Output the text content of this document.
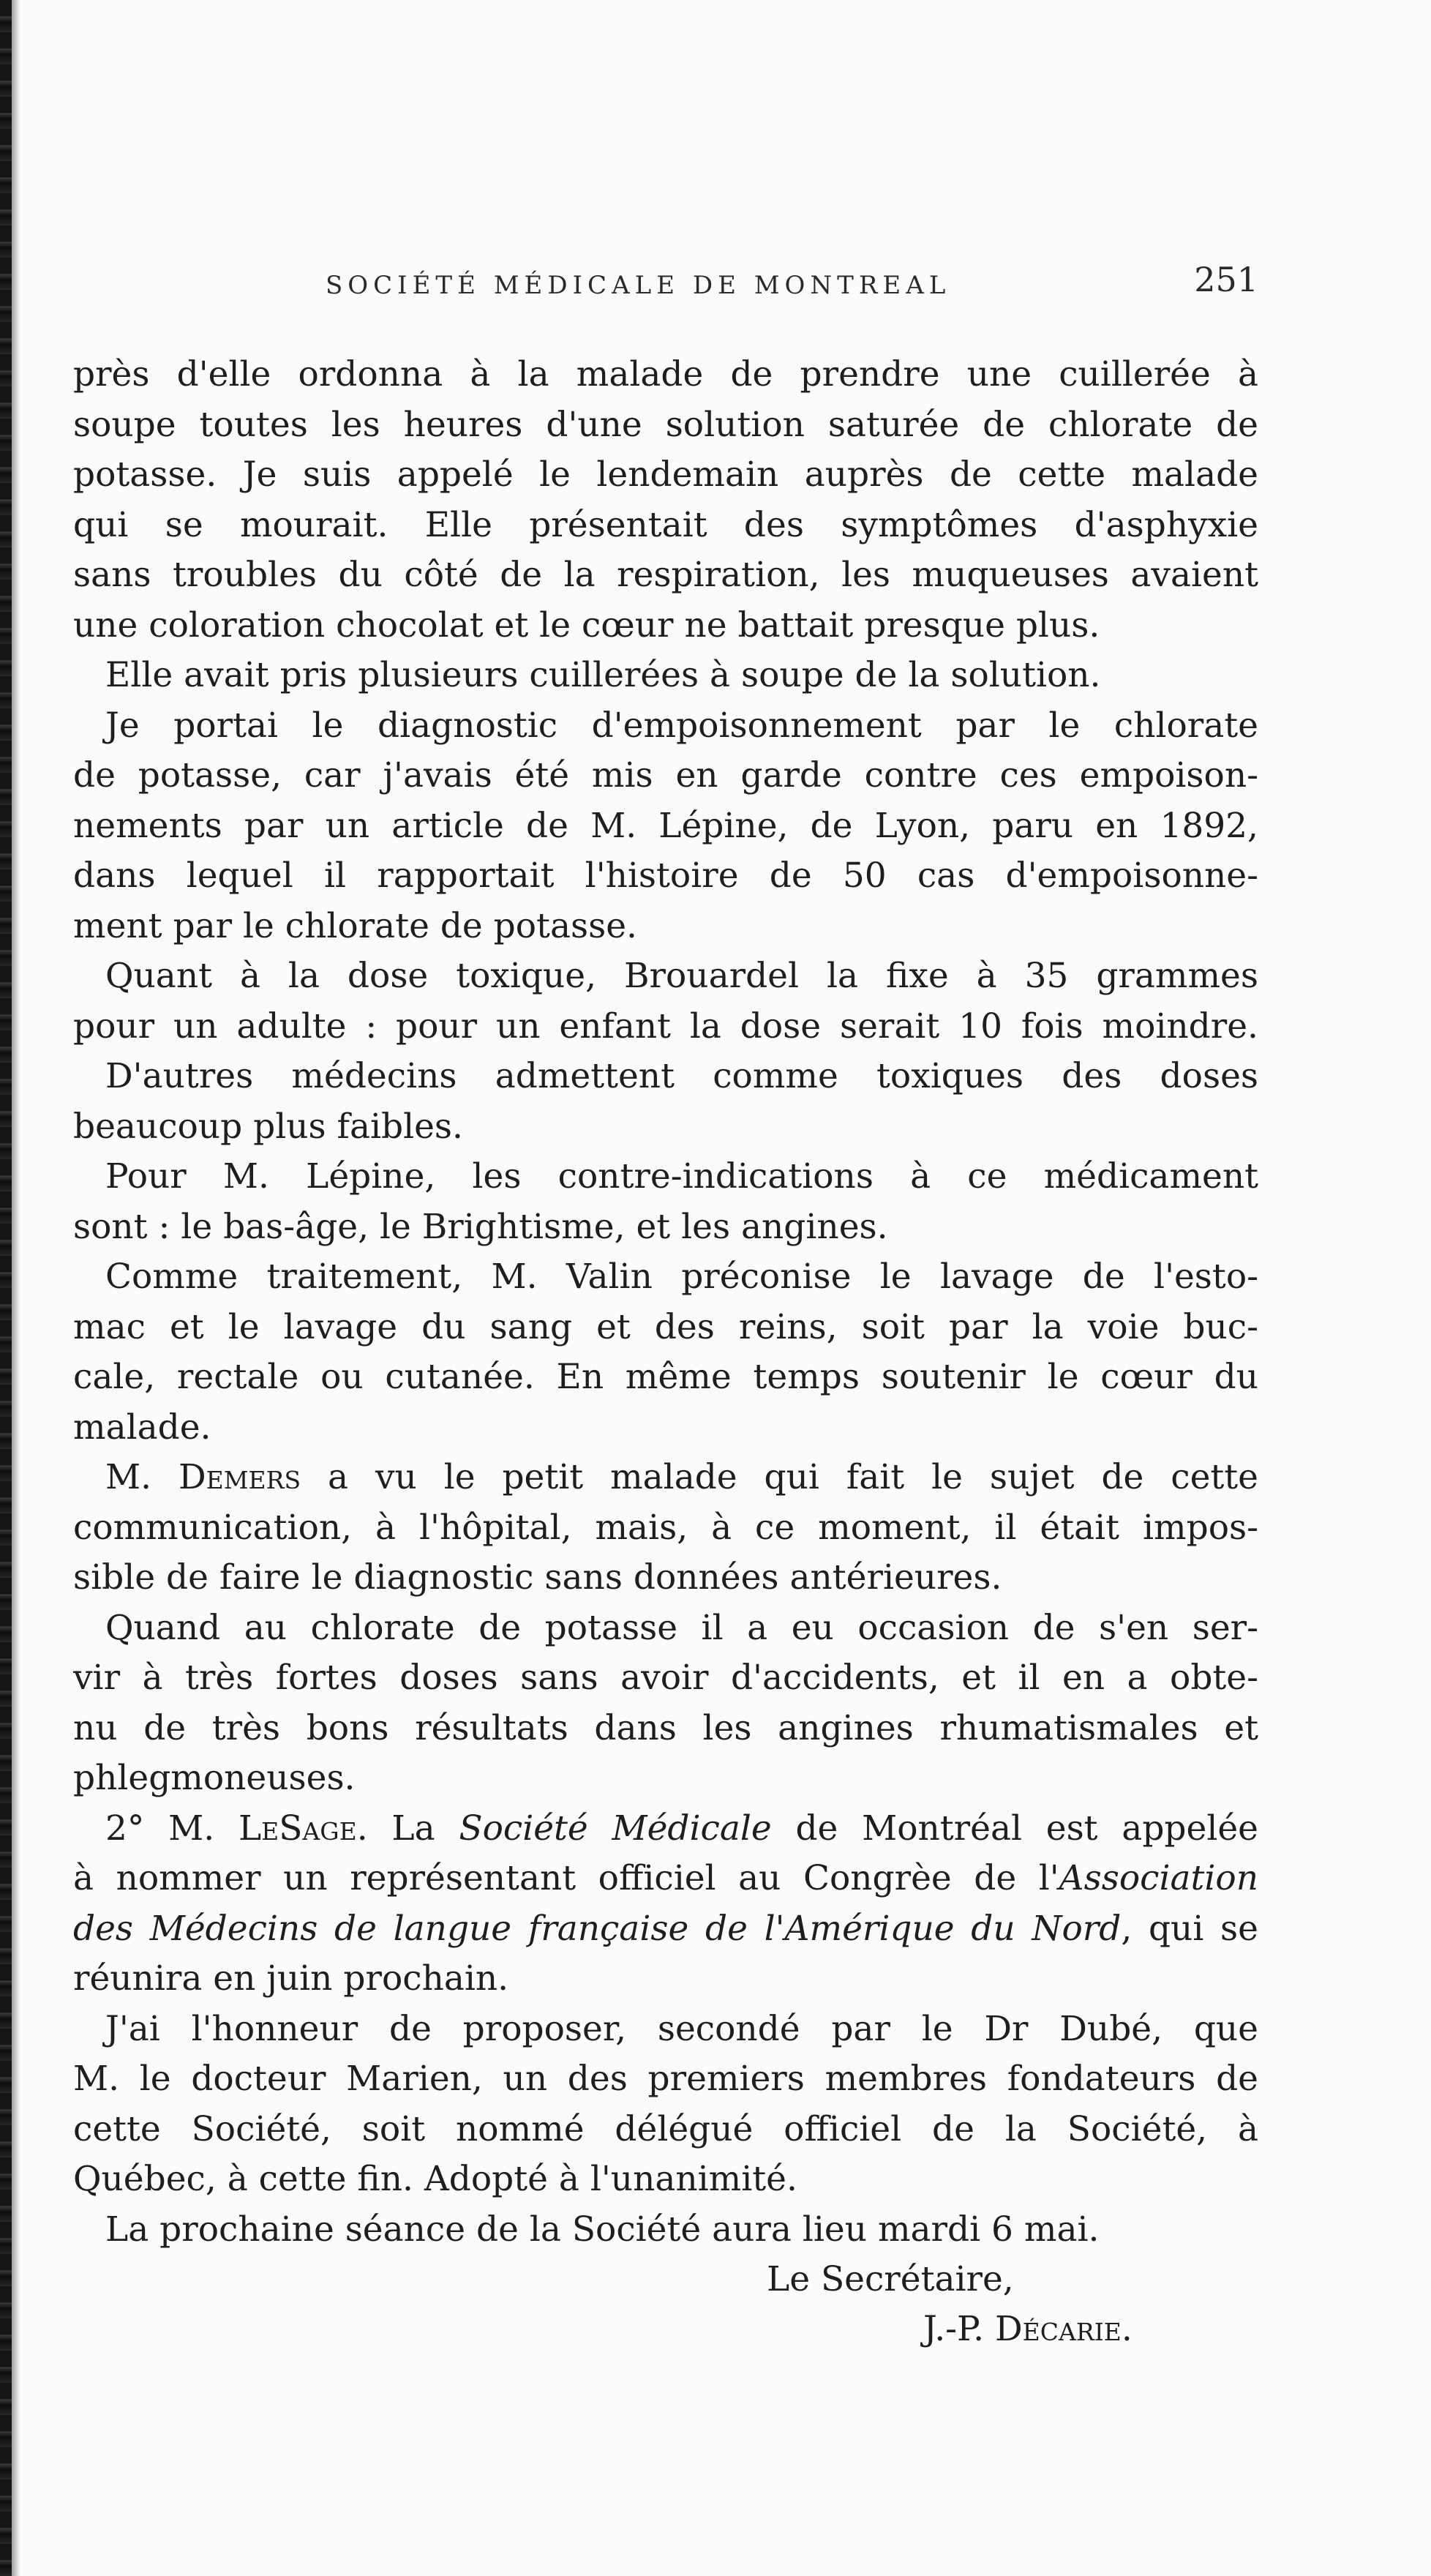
SOCIÉTÉ MÉDICALE DE MONTREAL	251
près d'elle ordonna à la malade de prendre une cuillerée à
soupe toutes les heures d'une solution saturée de chlorate de
potasse. Je suis appelé le lendemain auprès de cette malade
qui se mourait. Elle présentait des symptômes d'asphyxie
sans troubles du côté de la respiration, les muqueuses avaient
une coloration chocolat et le cœur ne battait presque plus.
Elle avait pris plusieurs cuillerées à soupe de la solution.
Je portai le diagnostic d'empoisonnement par le chlorate
de potasse, car j'avais été mis en garde contre ces empoison-
nements par un article de M. Lépine, de Lyon, paru en 1892,
dans lequel il rapportait l'histoire de 50 cas d'empoisonne-
ment par le chlorate de potasse.
Quant à la dose toxique, Brouardel la fixe à 35 grammes
pour un adulte : pour un enfant la dose serait 10 fois moindre.
D'autres médecins admettent comme toxiques des doses
beaucoup plus faibles.
Pour M. Lépine, les contre-indications à ce médicament
sont : le bas-âge, le Brightisme, et les angines.
Comme traitement, M. Valin préconise le lavage de l'esto-
mac et le lavage du sang et des reins, soit par la voie buc-
cale, rectale ou cutanée. En même temps soutenir le cœur du
malade.
M. Demers a vu le petit malade qui fait le sujet de cette
communication, à l'hôpital, mais, à ce moment, il était impos-
sible de faire le diagnostic sans données antérieures.
Quand au chlorate de potasse il a eu occasion de s'en ser-
vir à très fortes doses sans avoir d'accidents, et il en a obte-
nu de très bons résultats dans les angines rhumatismales et
phlegmoneuses.
2° M. LeSage. La Société Médicale de Montréal est appelée
à nommer un représentant officiel au Congrèe de l'Association
des Médecins de langue française de l'Amérique du Nord, qui se
réunira en juin prochain.
J'ai l'honneur de proposer, secondé par le Dr Dubé, que
M. le docteur Marien, un des premiers membres fondateurs de
cette Société, soit nommé délégué officiel de la Société, à
Québec, à cette fin. Adopté à l'unanimité.
La prochaine séance de la Société aura lieu mardi 6 mai.
Le Secrétaire,
J.-P. Décarie.
